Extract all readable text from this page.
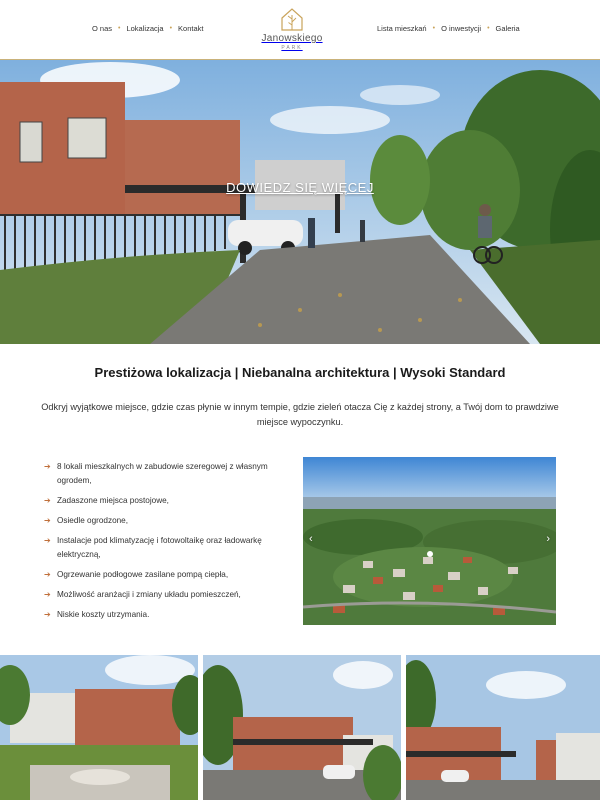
O nas • Lokalizacja • Kontakt
Janowskiego
PARK
Lista mieszkań • O inwestycji • Galeria
DOWIEDZ SIĘ WIĘCEJ
Prestiżowa lokalizacja | Niebanalna architektura | Wysoki Standard

Odkryj wyjątkowe miejsce, gdzie czas płynie w innym tempie, gdzie zieleń otacza Cię z każdej strony, a Twój dom to prawdziwe miejsce wypoczynku.

➔ 8 lokali mieszkalnych w zabudowie szeregowej z własnym ogrodem,
➔ Zadaszone miejsca postojowe,
➔ Osiedle ogrodzone,
➔ Instalacje pod klimatyzację i fotowoltaikę oraz ładowarkę elektryczną,
➔ Ogrzewanie podłogowe zasilane pompą ciepła,
➔ Możliwość aranżacji i zmiany układu pomieszczeń,
➔ Niskie koszty utrzymania.
‹	›
